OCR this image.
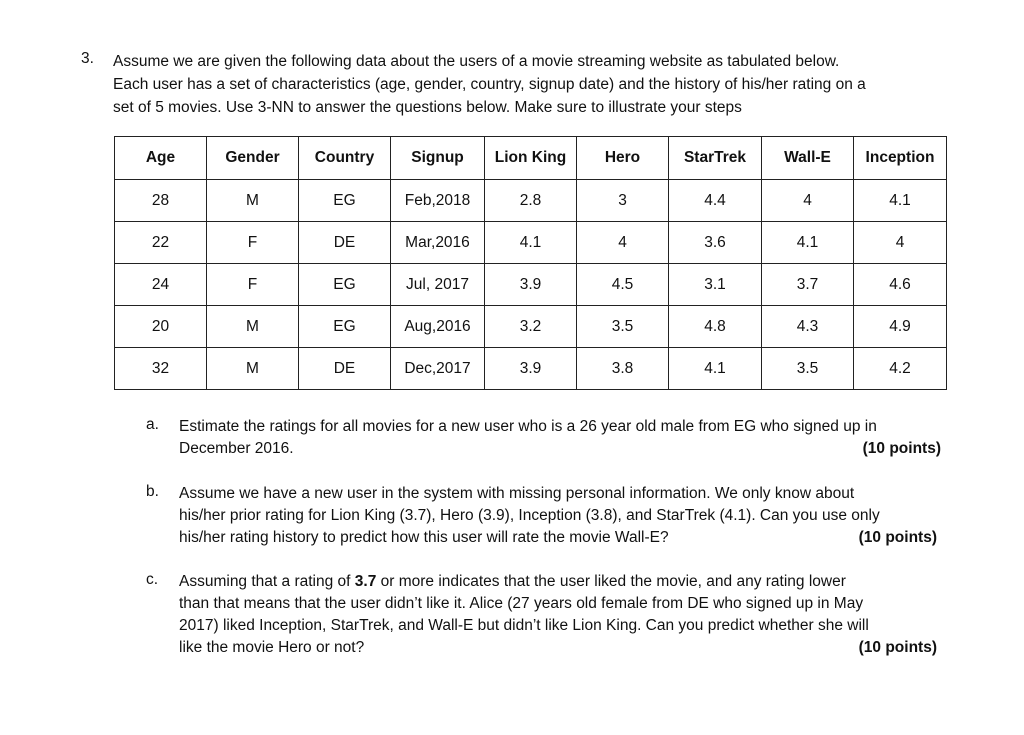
3. Assume we are given the following data about the users of a movie streaming website as tabulated below.

Each user has a set of characteristics (age, gender, country, signup date) and the history of his/her rating on a

set of 5 movies. Use 3-NN to answer the questions below. Make sure to illustrate your steps

Age	Gender	Country	Signup	Lion King	Hero	StarTrek	Wall-E	Inception
28	M	EG	Feb,2018	2.8	3	4.4	4	4.1
22	F	DE	Mar,2016	4.1	4	3.6	4.1	4
24	F	EG	Jul, 2017	3.9	4.5	3.1	3.7	4.6
20	M	EG	Aug,2016	3.2	3.5	4.8	4.3	4.9
32	M	DE	Dec,2017	3.9	3.8	4.1	3.5	4.2
a. Estimate the ratings for all movies for a new user who is a 26 year old male from EG who signed up in
December 2016.	(10 points)
b. Assume we have a new user in the system with missing personal information. We only know about
his/her prior rating for Lion King (3.7), Hero (3.9), Inception (3.8), and StarTrek (4.1). Can you use only
his/her rating history to predict how this user will rate the movie Wall-E?	(10 points)
c. Assuming that a rating of 3.7 or more indicates that the user liked the movie, and any rating lower
than that means that the user didn’t like it. Alice (27 years old female from DE who signed up in May
2017) liked Inception, StarTrek, and Wall-E but didn’t like Lion King. Can you predict whether she will
like the movie Hero or not?	(10 points)
